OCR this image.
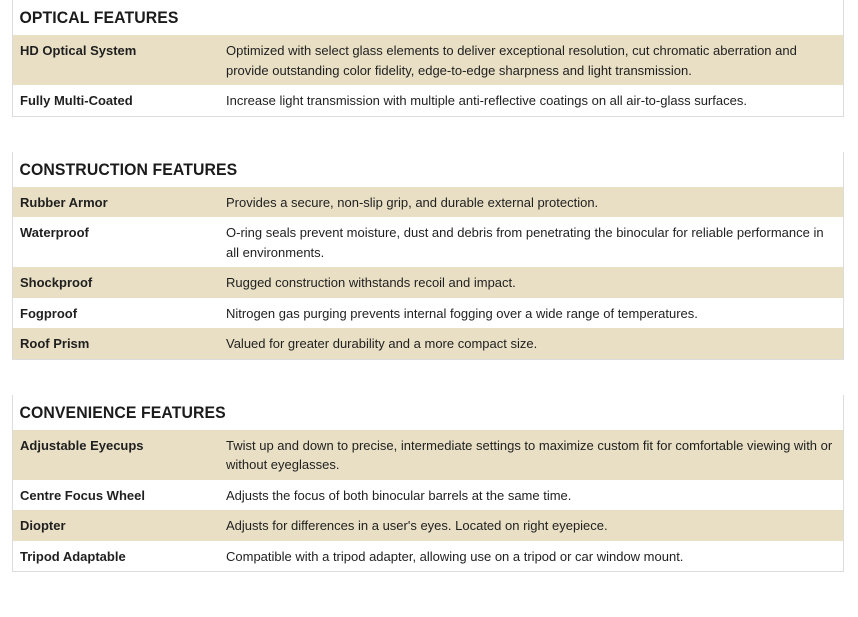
OPTICAL FEATURES
HD Optical System	Optimized with select glass elements to deliver exceptional resolution, cut chromatic aberration and provide outstanding color fidelity, edge-to-edge sharpness and light transmission.
Fully Multi-Coated	Increase light transmission with multiple anti-reflective coatings on all air-to-glass surfaces.
CONSTRUCTION FEATURES
Rubber Armor	Provides a secure, non-slip grip, and durable external protection.
Waterproof	O-ring seals prevent moisture, dust and debris from penetrating the binocular for reliable performance in all environments.
Shockproof	Rugged construction withstands recoil and impact.
Fogproof	Nitrogen gas purging prevents internal fogging over a wide range of temperatures.
Roof Prism	Valued for greater durability and a more compact size.
CONVENIENCE FEATURES
Adjustable Eyecups	Twist up and down to precise, intermediate settings to maximize custom fit for comfortable viewing with or without eyeglasses.
Centre Focus Wheel	Adjusts the focus of both binocular barrels at the same time.
Diopter	Adjusts for differences in a user's eyes. Located on right eyepiece.
Tripod Adaptable	Compatible with a tripod adapter, allowing use on a tripod or car window mount.
